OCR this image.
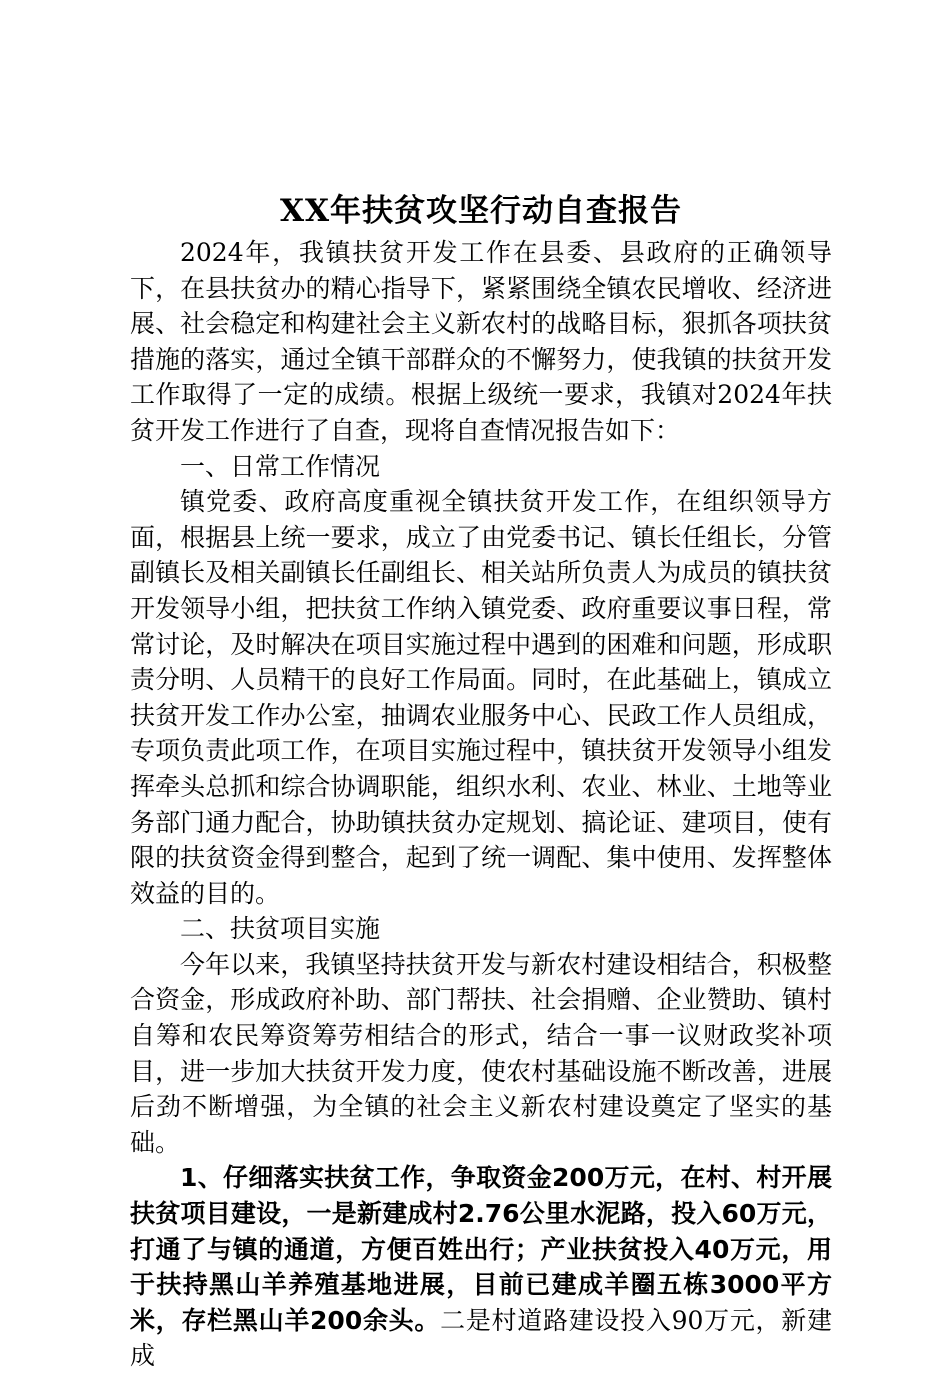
XX年扶贫攻坚行动自查报告

2024年，我镇扶贫开发工作在县委、县政府的正确领导下，在县扶贫办的精心指导下，紧紧围绕全镇农民增收、经济进展、社会稳定和构建社会主义新农村的战略目标，狠抓各项扶贫措施的落实，通过全镇干部群众的不懈努力，使我镇的扶贫开发工作取得了一定的成绩。根据上级统一要求，我镇对2024年扶贫开发工作进行了自查，现将自查情况报告如下：

一、日常工作情况

镇党委、政府高度重视全镇扶贫开发工作，在组织领导方面，根据县上统一要求，成立了由党委书记、镇长任组长，分管副镇长及相关副镇长任副组长、相关站所负责人为成员的镇扶贫开发领导小组，把扶贫工作纳入镇党委、政府重要议事日程，常常讨论，及时解决在项目实施过程中遇到的困难和问题，形成职责分明、人员精干的良好工作局面。同时，在此基础上，镇成立扶贫开发工作办公室，抽调农业服务中心、民政工作人员组成，专项负责此项工作，在项目实施过程中，镇扶贫开发领导小组发挥牵头总抓和综合协调职能，组织水利、农业、林业、土地等业务部门通力配合，协助镇扶贫办定规划、搞论证、建项目，使有限的扶贫资金得到整合，起到了统一调配、集中使用、发挥整体效益的目的。

二、扶贫项目实施

今年以来，我镇坚持扶贫开发与新农村建设相结合，积极整合资金，形成政府补助、部门帮扶、社会捐赠、企业赞助、镇村自筹和农民筹资筹劳相结合的形式，结合一事一议财政奖补项目，进一步加大扶贫开发力度，使农村基础设施不断改善，进展后劲不断增强，为全镇的社会主义新农村建设奠定了坚实的基础。

1、仔细落实扶贫工作，争取资金200万元，在村、村开展扶贫项目建设，一是新建成村2.76公里水泥路，投入60万元，打通了与镇的通道，方便百姓出行；产业扶贫投入40万元，用于扶持黑山羊养殖基地进展，目前已建成羊圈五栋3000平方米，存栏黑山羊200余头。二是村道路建设投入90万元，新建成
